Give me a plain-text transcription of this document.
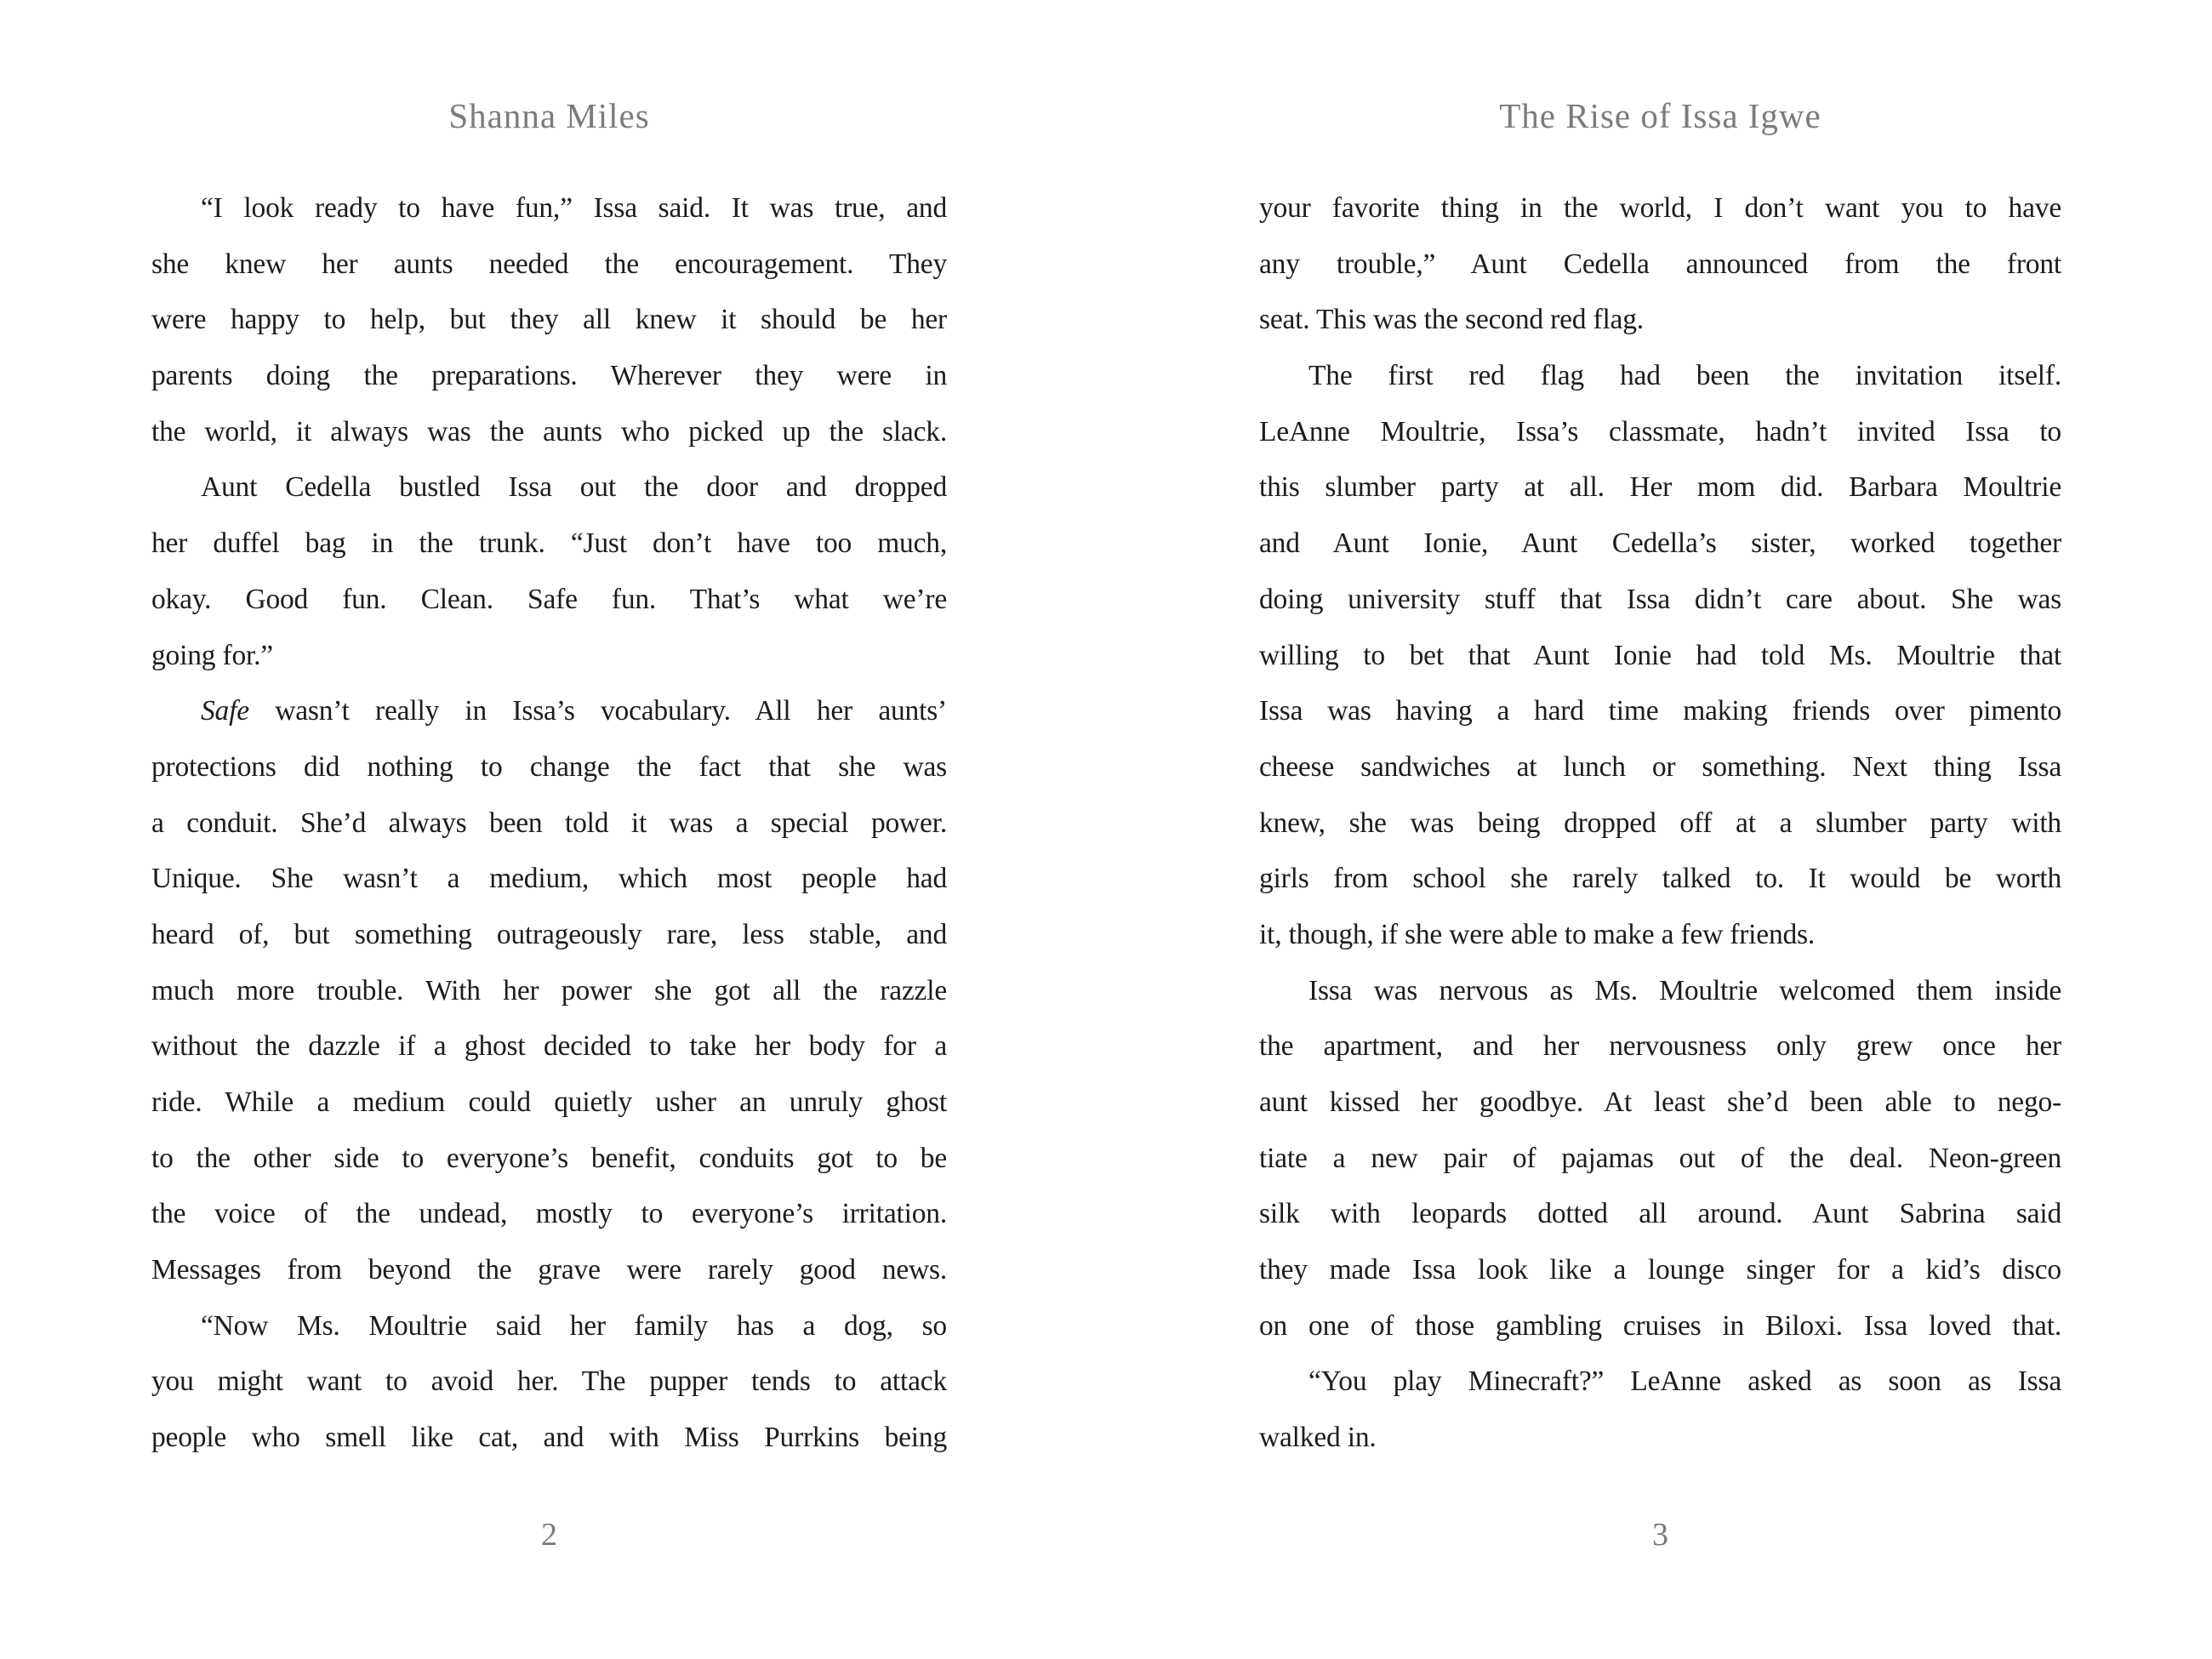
Shanna Miles	The Rise of Issa Igwe
“I look ready to have fun,” Issa said. It was true, and
she knew her aunts needed the encouragement. They
were happy to help, but they all knew it should be her
parents doing the preparations. Wherever they were in
the world, it always was the aunts who picked up the slack.
Aunt Cedella bustled Issa out the door and dropped
her duffel bag in the trunk. “Just don’t have too much,
okay. Good fun. Clean. Safe fun. That’s what we’re
going for.”
Safe wasn’t really in Issa’s vocabulary. All her aunts’
protections did nothing to change the fact that she was
a conduit. She’d always been told it was a special power.
Unique. She wasn’t a medium, which most people had
heard of, but something outrageously rare, less stable, and
much more trouble. With her power she got all the razzle
without the dazzle if a ghost decided to take her body for a
ride. While a medium could quietly usher an unruly ghost
to the other side to everyone’s benefit, conduits got to be
the voice of the undead, mostly to everyone’s irritation.
Messages from beyond the grave were rarely good news.
“Now Ms. Moultrie said her family has a dog, so
you might want to avoid her. The pupper tends to attack
people who smell like cat, and with Miss Purrkins being
your favorite thing in the world, I don’t want you to have
any trouble,” Aunt Cedella announced from the front
seat. This was the second red flag.
The first red flag had been the invitation itself.
LeAnne Moultrie, Issa’s classmate, hadn’t invited Issa to
this slumber party at all. Her mom did. Barbara Moultrie
and Aunt Ionie, Aunt Cedella’s sister, worked together
doing university stuff that Issa didn’t care about. She was
willing to bet that Aunt Ionie had told Ms. Moultrie that
Issa was having a hard time making friends over pimento
cheese sandwiches at lunch or something. Next thing Issa
knew, she was being dropped off at a slumber party with
girls from school she rarely talked to. It would be worth
it, though, if she were able to make a few friends.
Issa was nervous as Ms. Moultrie welcomed them inside
the apartment, and her nervousness only grew once her
aunt kissed her goodbye. At least she’d been able to nego-
tiate a new pair of pajamas out of the deal. Neon-green
silk with leopards dotted all around. Aunt Sabrina said
they made Issa look like a lounge singer for a kid’s disco
on one of those gambling cruises in Biloxi. Issa loved that.
“You play Minecraft?” LeAnne asked as soon as Issa
walked in.
2	3
